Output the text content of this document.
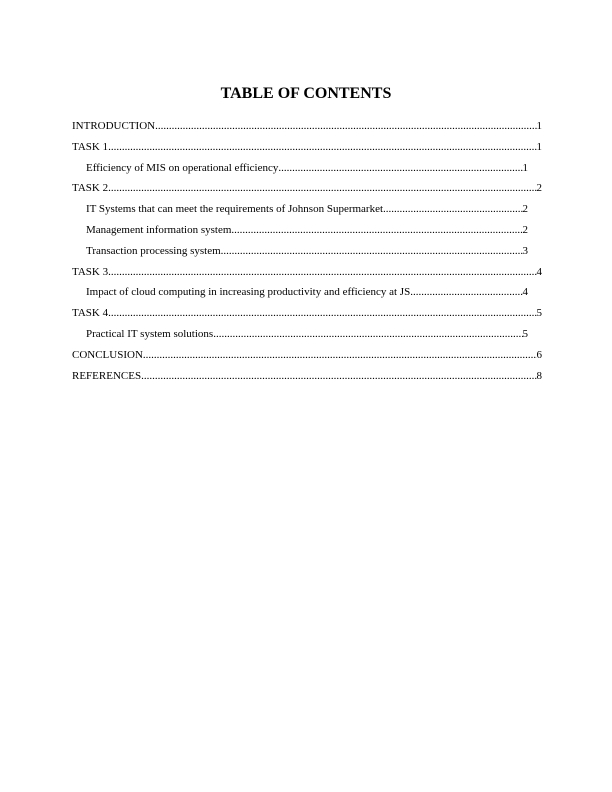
TABLE OF CONTENTS
INTRODUCTION .....	1
TASK 1 .....	1
Efficiency of MIS on operational efficiency .....	1
TASK 2 .....	2
IT Systems that can meet the requirements of Johnson Supermarket .....	2
Management information system .....	2
Transaction processing system .....	3
TASK 3 .....	4
Impact of cloud computing in increasing productivity and efficiency at JS .....	4
TASK 4 .....	5
Practical IT system solutions .....	5
CONCLUSION .....	6
REFERENCES .....	8
